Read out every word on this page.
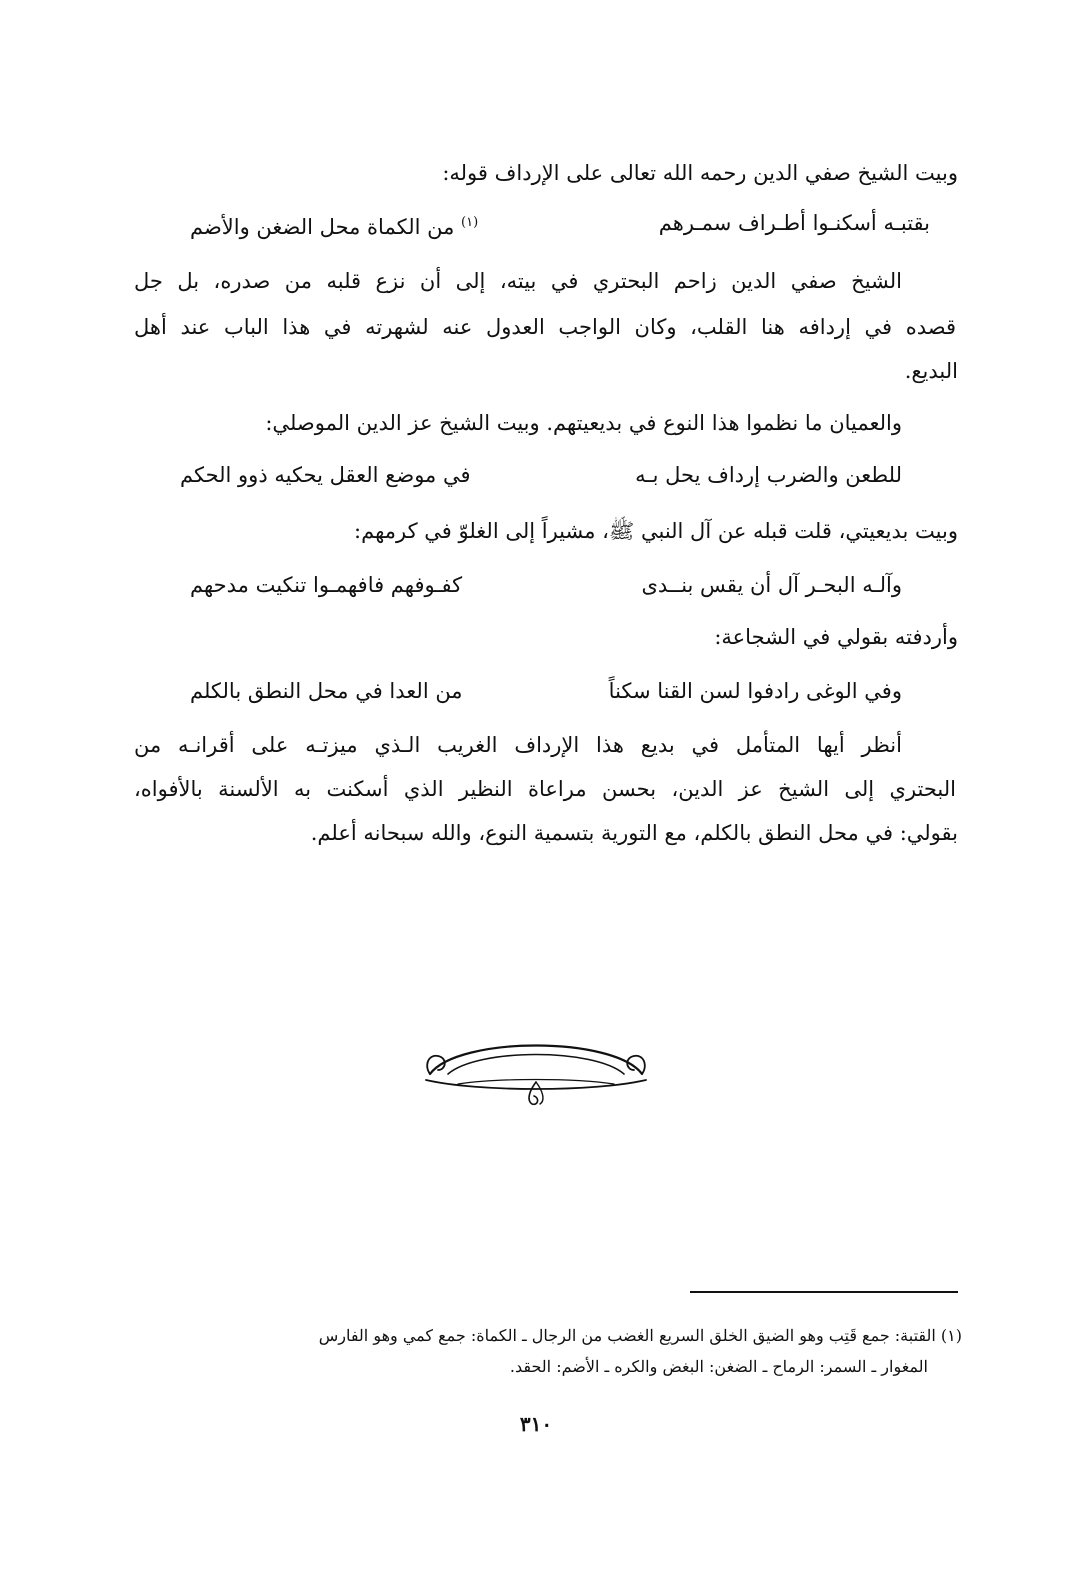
وبيت الشيخ صفي الدين رحمه الله تعالى على الإرداف قوله:
بقتبـه أسكنـوا أطـراف سمـرهم
$^{(١)}$ من الكماة محل الضغن والأضم
الشيخ صفي الدين زاحم البحتري في بيته، إلى أن نزع قلبه من صدره، بل جل
قصده في إردافه هنا القلب، وكان الواجب العدول عنه لشهرته في هذا الباب عند أهل
البديع.
والعميان ما نظموا هذا النوع في بديعيتهم. وبيت الشيخ عز الدين الموصلي:
للطعن والضرب إرداف يحل بـه
في موضع العقل يحكيه ذوو الحكم
وبيت بديعيتي، قلت قبله عن آل النبي ﷺ، مشيراً إلى الغلوّ في كرمهم:
وآلـه البحـر آل أن يقس بنــدى
كفـوفهم فافهمـوا تنكيت مدحهم
وأردفته بقولي في الشجاعة:
وفي الوغى رادفوا لسن القنا سكناً
من العدا في محل النطق بالكلم
أنظر أيها المتأمل في بديع هذا الإرداف الغريب الـذي ميزتـه على أقرانـه من
البحتري إلى الشيخ عز الدين، بحسن مراعاة النظير الذي أسكنت به الألسنة بالأفواه،
بقولي: في محل النطق بالكلم، مع التورية بتسمية النوع، والله سبحانه أعلم.
(١) القتبة: جمع قَتِب وهو الضيق الخلق السريع الغضب من الرجال ـ الكماة: جمع كمي وهو الفارس
المغوار ـ السمر: الرماح ـ الضغن: البغض والكره ـ الأضم: الحقد.
٣١٠
